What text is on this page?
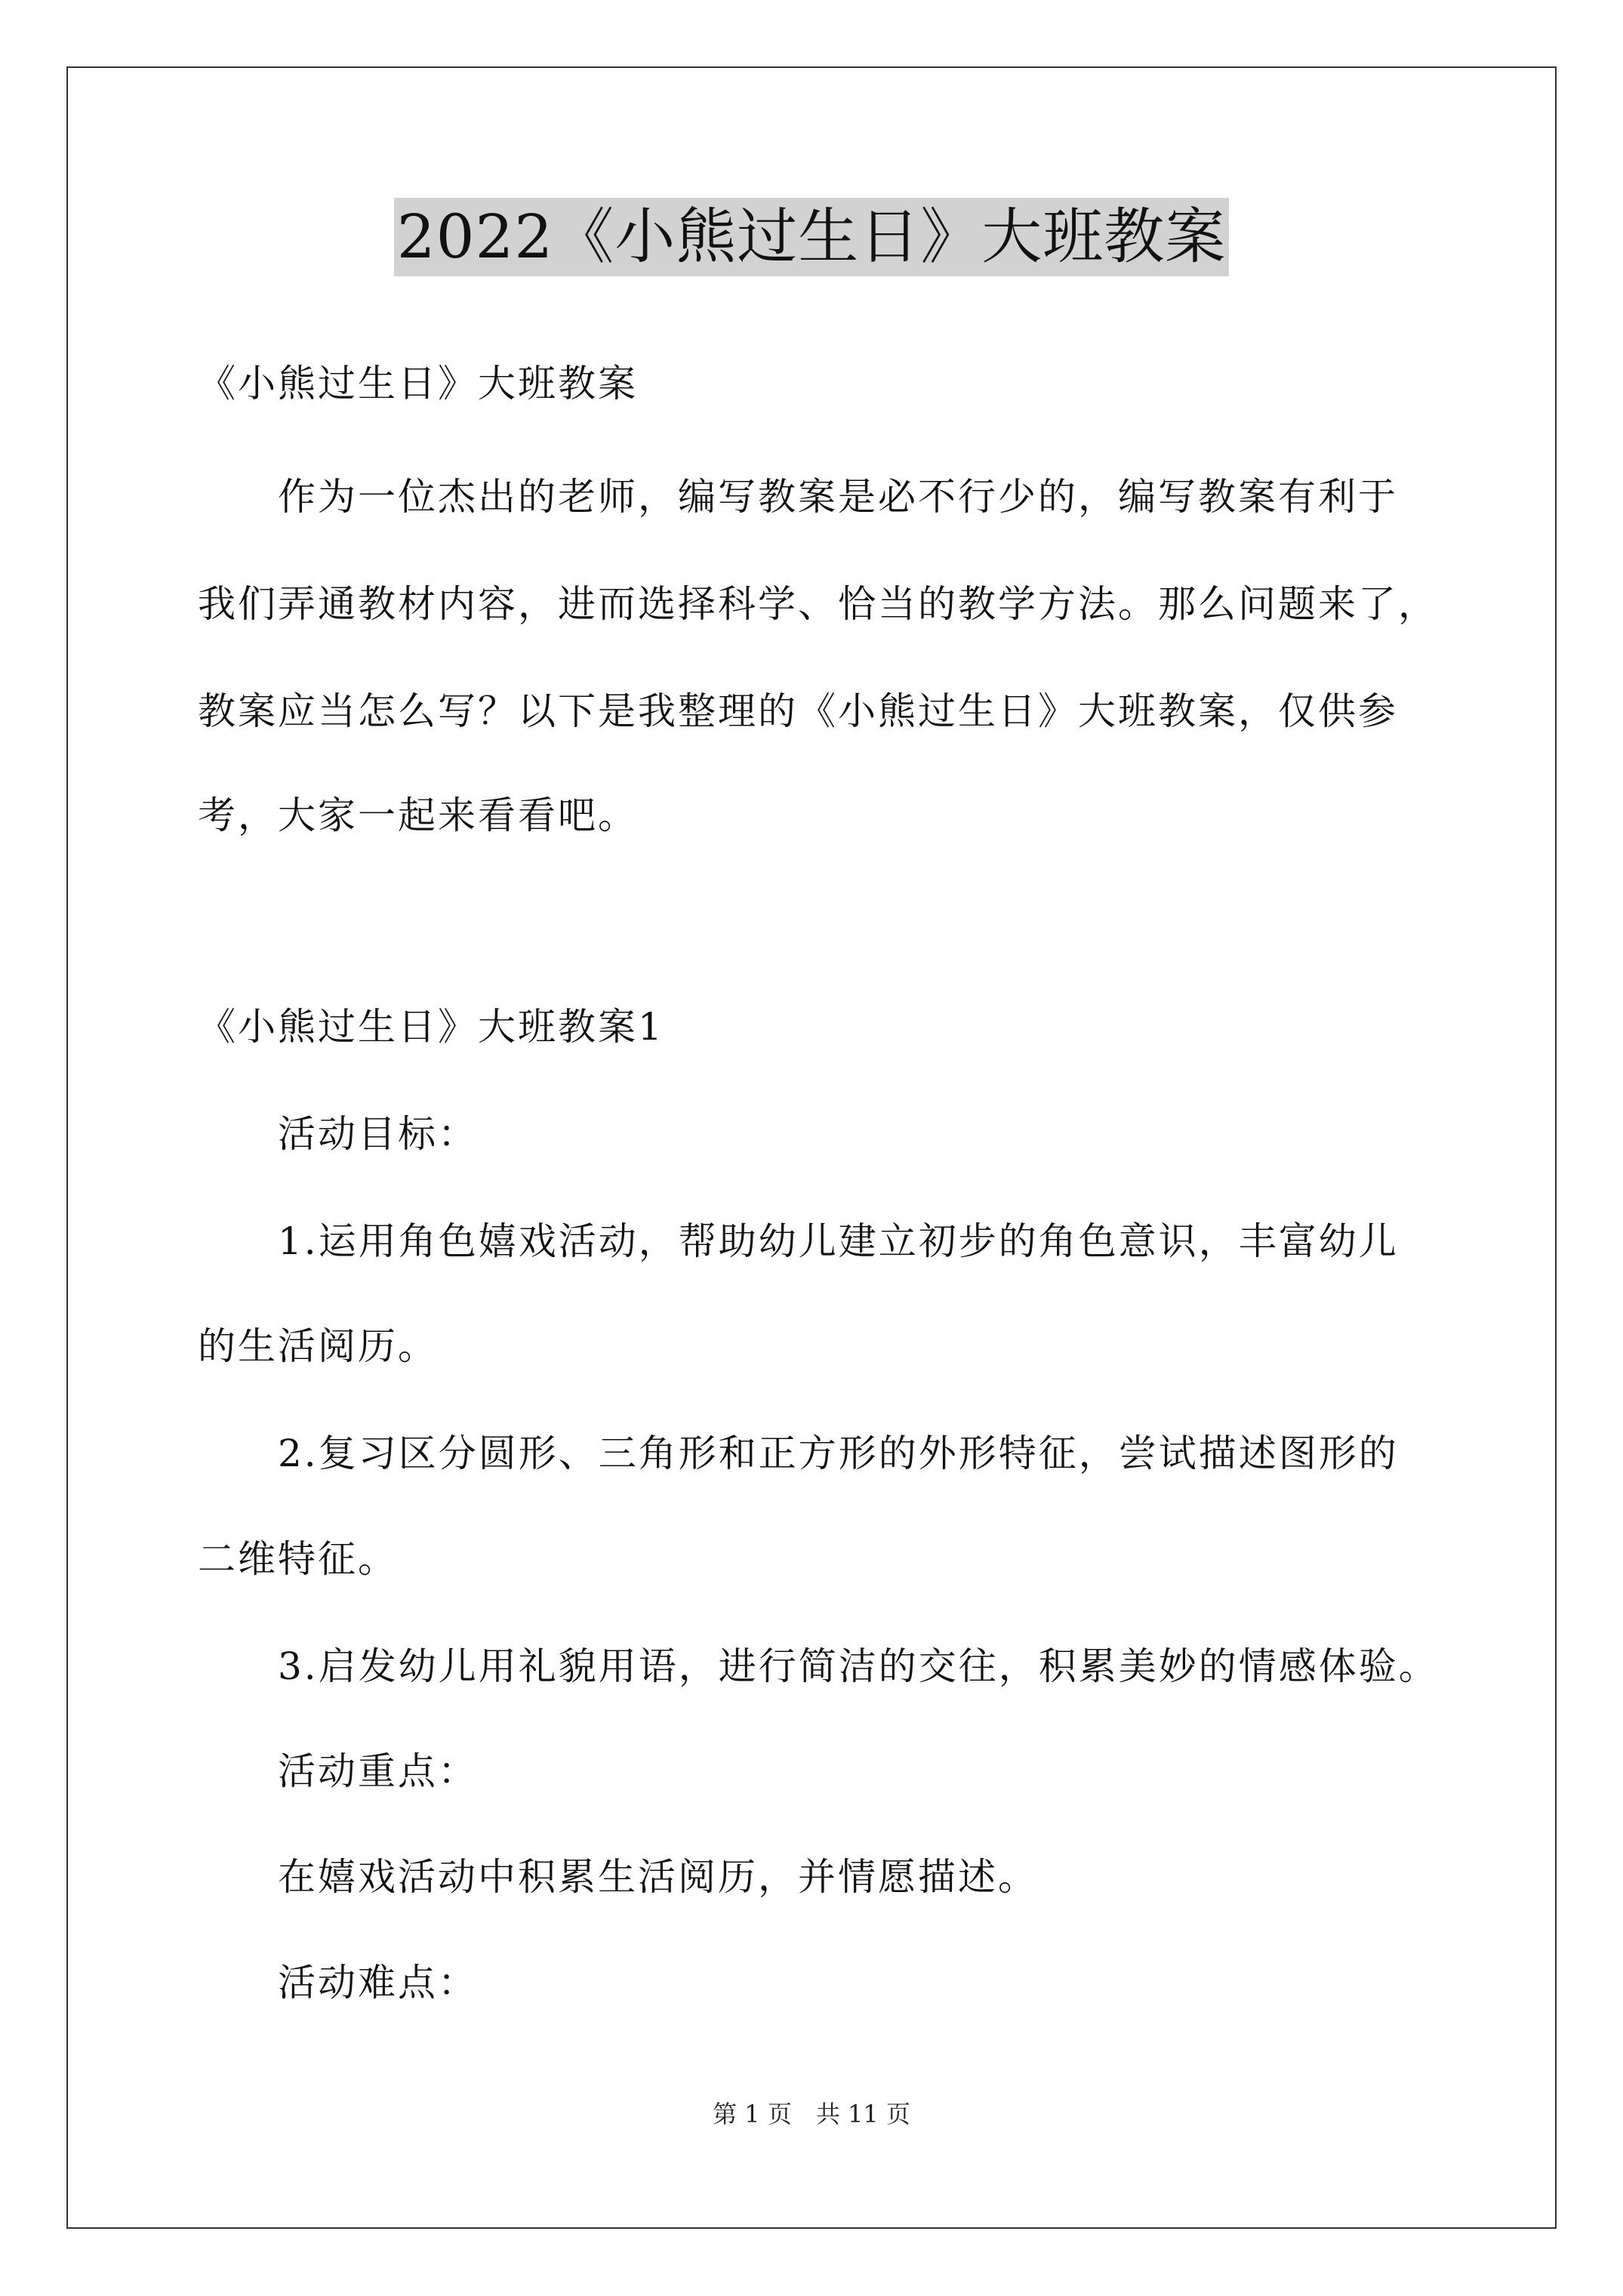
2022《小熊过生日》大班教案
《小熊过生日》大班教案
作为一位杰出的老师，编写教案是必不行少的，编写教案有利于
我们弄通教材内容，进而选择科学、恰当的教学方法。那么问题来了，
教案应当怎么写？以下是我整理的《小熊过生日》大班教案，仅供参
考，大家一起来看看吧。
《小熊过生日》大班教案1
活动目标：
1.运用角色嬉戏活动，帮助幼儿建立初步的角色意识，丰富幼儿
的生活阅历。
2.复习区分圆形、三角形和正方形的外形特征，尝试描述图形的
二维特征。
3.启发幼儿用礼貌用语，进行简洁的交往，积累美妙的情感体验。
活动重点：
在嬉戏活动中积累生活阅历，并情愿描述。
活动难点：
第 1 页　共 11 页
